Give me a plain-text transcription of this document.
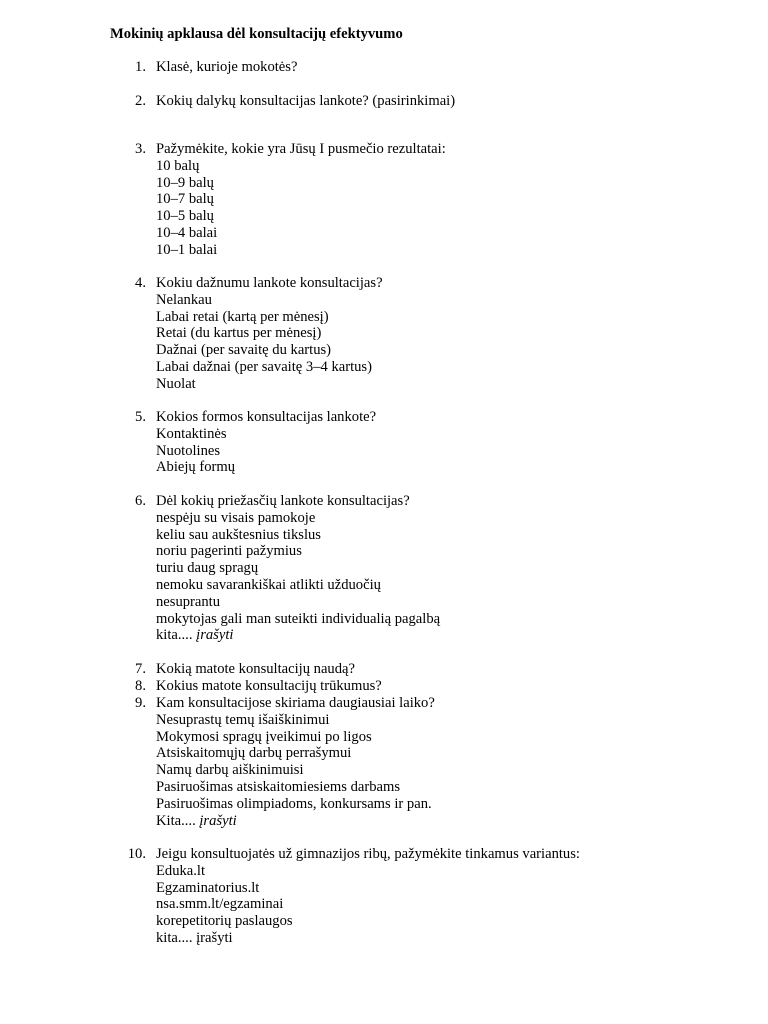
Mokinių apklausa dėl konsultacijų efektyvumo
1. Klasė, kurioje mokotės?
2. Kokių dalykų konsultacijas lankote? (pasirinkimai)
3. Pažymėkite, kokie yra Jūsų I pusmečio rezultatai:
10 balų
10–9 balų
10–7 balų
10–5 balų
10–4 balai
10–1 balai
4. Kokiu dažnumu lankote konsultacijas?
Nelankau
Labai retai (kartą per mėnesį)
Retai (du kartus per mėnesį)
Dažnai (per savaitę du kartus)
Labai dažnai (per savaitę 3–4 kartus)
Nuolat
5. Kokios formos konsultacijas lankote?
Kontaktinės
Nuotolines
Abiejų formų
6. Dėl kokių priežasčių lankote konsultacijas?
nespėju su visais pamokoje
keliu sau aukštesnius tikslus
noriu pagerinti pažymius
turiu daug spragų
nemoku savarankiškai atlikti užduočių
nesuprantu
mokytojas gali man suteikti individualią pagalbą
kita.... įrašyti
7. Kokią matote konsultacijų naudą?
8. Kokius matote konsultacijų trūkumus?
9. Kam konsultacijose skiriama daugiausiai laiko?
Nesuprastų temų išaiškinimui
Mokymosi spragų įveikimui po ligos
Atsiskaitomųjų darbų perrašymui
Namų darbų aiškinimuisi
Pasiruošimas atsiskaitomiesiems darbams
Pasiruošimas olimpiadoms, konkursams ir pan.
Kita.... įrašyti
10. Jeigu konsultuojatės už gimnazijos ribų, pažymėkite tinkamus variantus:
Eduka.lt
Egzaminatorius.lt
nsa.smm.lt/egzaminai
korepetitorių paslaugos
kita.... įrašyti
